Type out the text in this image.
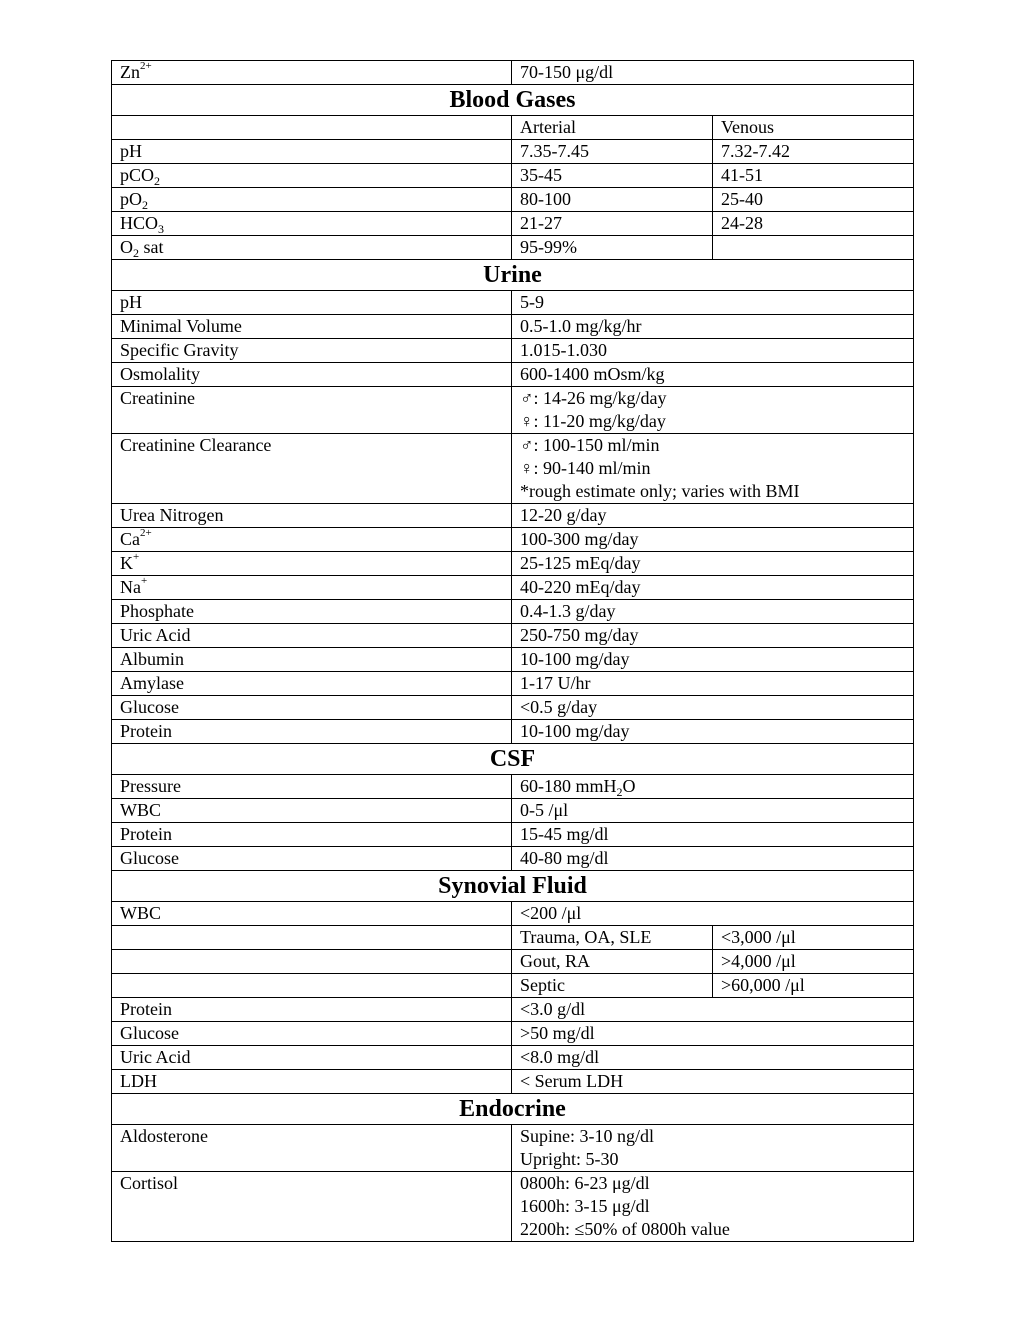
$Zn^{2+}$	70-150 μg/dl	

Blood Gases		
	Arterial	Venous
pH	7.35-7.45	7.32-7.42
pCO$_2$	35-45	41-51
$pO_2$	80-100	25-40
$HCO_3$	21-27	24-28
$O_2$ sat	95-99%	
Urine		
pH	5-9	

Minimal Volume	0.5-1.0 mg/kg/hr	

Specific Gravity	1.015-1.030	

Osmolality	600-1400 mOsm/kg	

Creatinine	♂: 14-26 mg/kg/day
♀: 11-20 mg/kg/day	

Creatinine Clearance	♂: 100-150 ml/min
♀: 90-140 ml/min
*rough estimate only; varies with BMI	

Urea Nitrogen	12-20 g/day	

$Ca^{2+}$	100-300 mg/day	

K+	25-125 mEq/day	

Na+	40-220 mEq/day	

Phosphate	0.4-1.3 g/day	

Uric Acid	250-750 mg/day	

Albumin	10-100 mg/day	

Amylase	1-17 U/hr	

Glucose	<0.5 g/day	

Protein	10-100 mg/day	

CSF		
Pressure	60-180 mmH$_2$O	

WBC	0-5 /μl	

Protein	15-45 mg/dl	

Glucose	40-80 mg/dl	

Synovial Fluid		
WBC	<200 /μl	

	Trauma, OA, SLE	<3,000 /μl
	Gout, RA	>4,000 /μl
	Septic	>60,000 /μl
Protein	<3.0 g/dl	

Glucose	>50 mg/dl	

Uric Acid	<8.0 mg/dl	

LDH	< Serum LDH	

Endocrine		
Aldosterone	Supine: 3-10 ng/dl
Upright: 5-30	

Cortisol	0800h: 6-23 μg/dl
1600h: 3-15 μg/dl
2200h: ≤50% of 0800h value	
